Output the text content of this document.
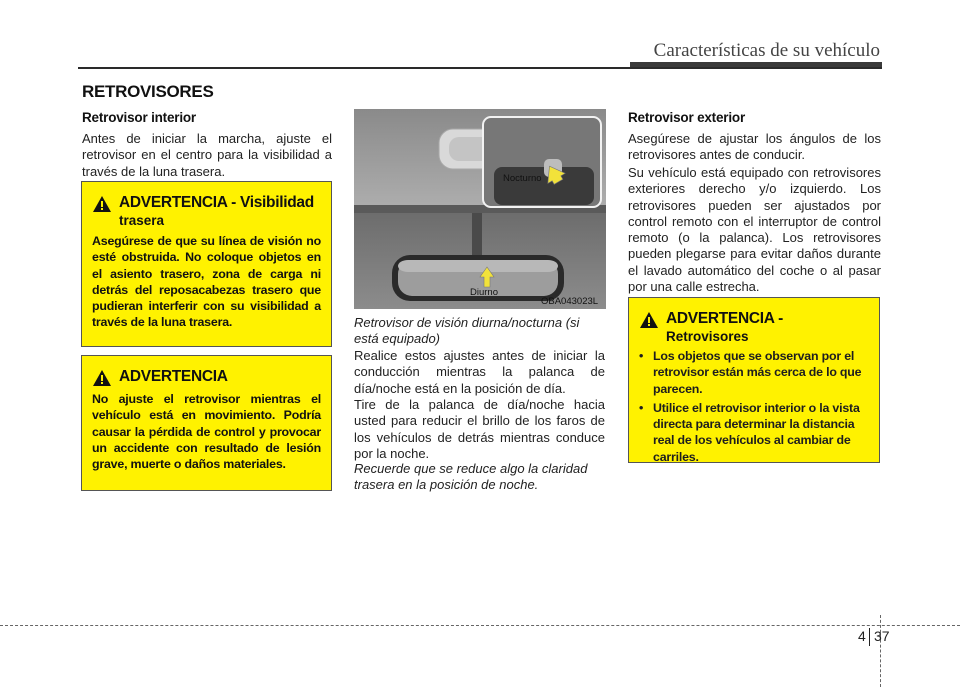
Características de su vehículo
RETROVISORES
Retrovisor interior
Antes de iniciar la marcha, ajuste el retrovisor en el centro para la visibilidad a través de la luna trasera.
ADVERTENCIA - Visibilidad
trasera
Asegúrese de que su línea de visión no esté obstruida. No coloque objetos en el asiento trasero, zona de carga ni detrás del reposacabezas trasero que pudieran interferir con su visibilidad a través de la luna trasera.
ADVERTENCIA
No ajuste el retrovisor mientras el vehículo está en movimiento. Podría causar la pérdida de control y provocar un accidente con resultado de lesión grave, muerte o daños materiales.
Nocturno
Diurno
OBA043023L
Retrovisor de visión diurna/nocturna (si está equipado)
Realice estos ajustes antes de iniciar la conducción mientras la palanca de día/noche está en la posición de día.
Tire de la palanca de día/noche hacia usted para reducir el brillo de los faros de los vehículos de detrás mientras conduce por la noche.
Recuerde que se reduce algo la claridad trasera en la posición de noche.
Retrovisor exterior
Asegúrese de ajustar los ángulos de los retrovisores antes de conducir.
Su vehículo está equipado con retrovisores exteriores derecho y/o izquierdo. Los retrovisores pueden ser ajustados por control remoto con el interruptor de control remoto (o la palanca). Los retrovisores pueden plegarse para evitar daños durante el lavado automático del coche o al pasar por una calle estrecha.
ADVERTENCIA -
Retrovisores
• Los objetos que se observan por el retrovisor están más cerca de lo que parecen.
• Utilice el retrovisor interior o la vista directa para determinar la distancia real de los vehículos al cambiar de carriles.
4 37
